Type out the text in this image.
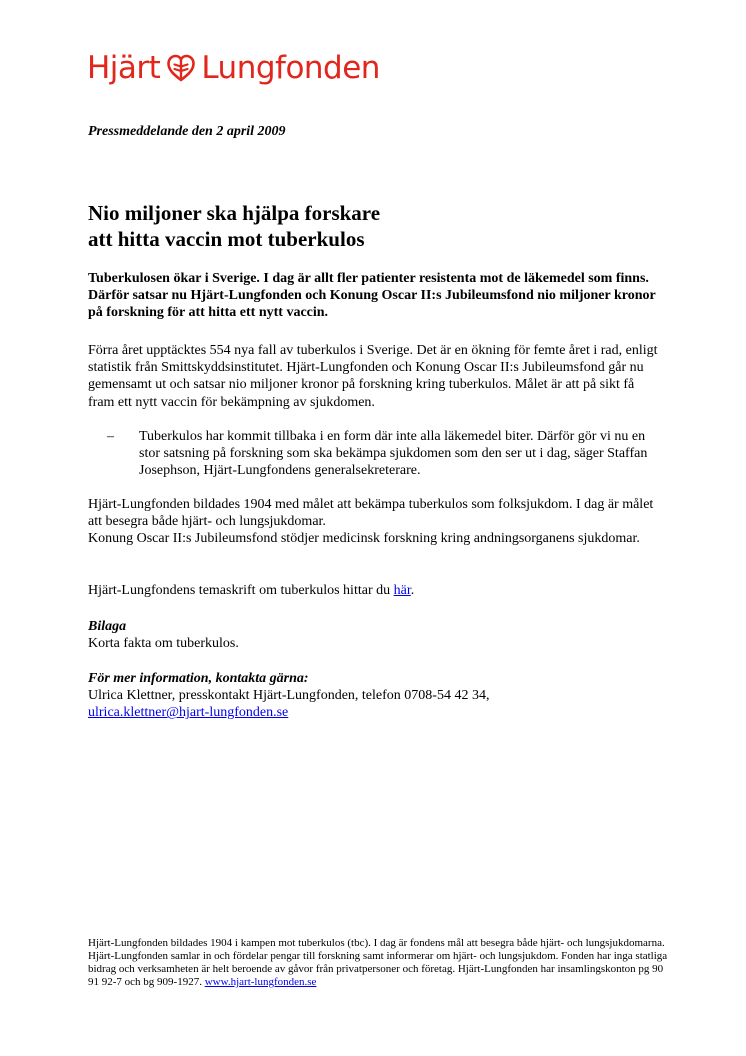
Hjärt Lungfonden
Pressmeddelande den 2 april 2009
Nio miljoner ska hjälpa forskare
att hitta vaccin mot tuberkulos

Tuberkulosen ökar i Sverige. I dag är allt fler patienter resistenta mot de läkemedel som finns. Därför satsar nu Hjärt-Lungfonden och Konung Oscar II:s Jubileumsfond nio miljoner kronor på forskning för att hitta ett nytt vaccin.

Förra året upptäcktes 554 nya fall av tuberkulos i Sverige. Det är en ökning för femte året i rad, enligt statistik från Smittskyddsinstitutet. Hjärt-Lungfonden och Konung Oscar II:s Jubileumsfond går nu gemensamt ut och satsar nio miljoner kronor på forskning kring tuberkulos. Målet är att på sikt få fram ett nytt vaccin för bekämpning av sjukdomen.

–	Tuberkulos har kommit tillbaka i en form där inte alla läkemedel biter. Därför gör vi nu en stor satsning på forskning som ska bekämpa sjukdomen som den ser ut i dag, säger Staffan Josephson, Hjärt-Lungfondens generalsekreterare.

Hjärt-Lungfonden bildades 1904 med målet att bekämpa tuberkulos som folksjukdom. I dag är målet att besegra både hjärt- och lungsjukdomar.

Konung Oscar II:s Jubileumsfond stödjer medicinsk forskning kring andningsorganens sjukdomar.

Hjärt-Lungfondens temaskrift om tuberkulos hittar du här.

Bilaga
Korta fakta om tuberkulos.
För mer information, kontakta gärna:
Ulrica Klettner, presskontakt Hjärt-Lungfonden, telefon 0708-54 42 34,
ulrica.klettner@hjart-lungfonden.se

Hjärt-Lungfonden bildades 1904 i kampen mot tuberkulos (tbc). I dag är fondens mål att besegra både hjärt- och lungsjukdomarna. Hjärt-Lungfonden samlar in och fördelar pengar till forskning samt informerar om hjärt- och lungsjukdom. Fonden har inga statliga bidrag och verksamheten är helt beroende av gåvor från privatpersoner och företag. Hjärt-Lungfonden har insamlingskonton pg 90 91 92-7 och bg 909-1927. www.hjart-lungfonden.se
